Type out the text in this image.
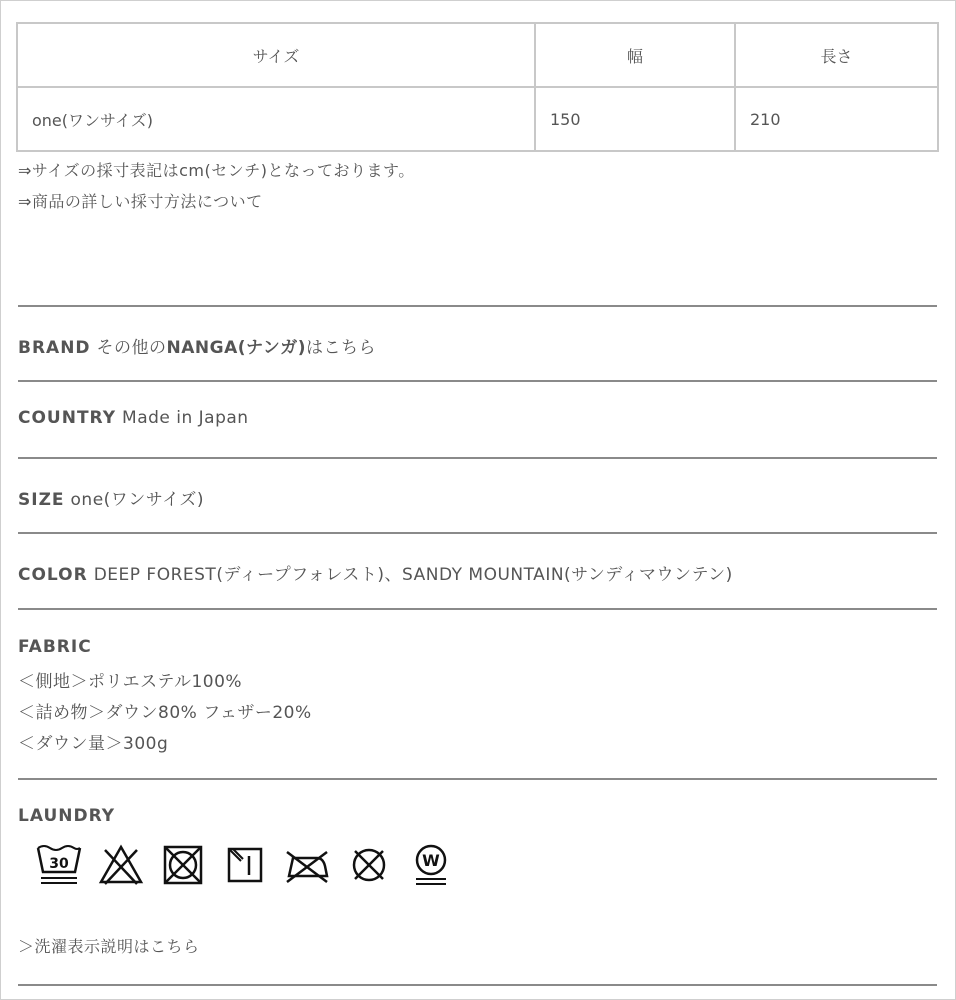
サイズ	幅	長さ
one(ワンサイズ)	150	210
⇒サイズの採寸表記はcm(センチ)となっております。
⇒商品の詳しい採寸方法について
BRAND その他のNANGA(ナンガ)はこちら
COUNTRY Made in Japan
SIZE one(ワンサイズ)
COLOR DEEP FOREST(ディープフォレスト)、SANDY MOUNTAIN(サンディマウンテン)
FABRIC
＜側地＞ポリエステル100%
＜詰め物＞ダウン80% フェザー20%
＜ダウン量＞300g
LAUNDRY
30	W
＞洗濯表示説明はこちら
